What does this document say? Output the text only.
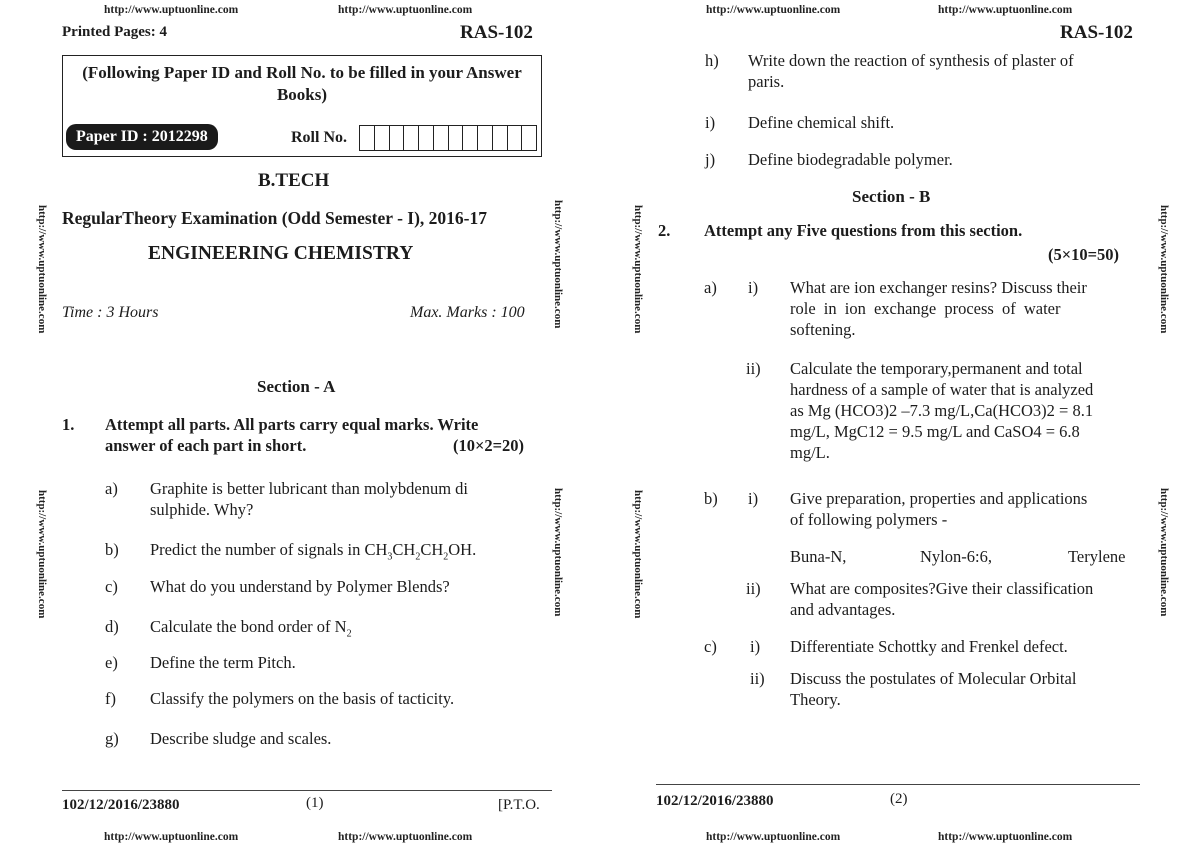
http://www.uptuonline.com	http://www.uptuonline.com
Printed Pages: 4	RAS-102
(Following Paper ID and Roll No. to be filled in your Answer Books)
Paper ID : 2012298	Roll No.
B.TECH
RegularTheory Examination (Odd Semester - I), 2016-17
ENGINEERING CHEMISTRY
Time : 3 Hours	Max. Marks : 100
Section - A
1. Attempt all parts. All parts carry equal marks. Write
answer of each part in short.	(10×2=20)
a) Graphite is better lubricant than molybdenum di
sulphide. Why?
b) Predict the number of signals in $CH_3CH_2CH_2OH$.
c) What do you understand by Polymer Blends?
d) Calculate the bond order of $N_2$
e) Define the term Pitch.
f) Classify the polymers on the basis of tacticity.
g) Describe sludge and scales.
102/12/2016/23880	(1)	[P.T.O.
http://www.uptuonline.com	http://www.uptuonline.com
http://www.uptuonline.com
http://www.uptuonline.com
http://www.uptuonline.com
http://www.uptuonline.com
http://www.uptuonline.com	http://www.uptuonline.com
RAS-102
h) Write down the reaction of synthesis of plaster of
paris.
i) Define chemical shift.
j) Define biodegradable polymer.
Section - B
2. Attempt any Five questions from this section.
(5×10=50)
a) i) What are ion exchanger resins? Discuss their
role in ion exchange process of water
softening.
ii) Calculate the temporary,permanent and total
hardness of a sample of water that is analyzed
as Mg (HCO3)2 –7.3 mg/L,Ca(HCO3)2 = 8.1
mg/L, MgC12 = 9.5 mg/L and CaSO4 = 6.8
mg/L.
b) i) Give preparation, properties and applications
of following polymers -
Buna-N,	Nylon-6:6,	Terylene
ii) What are composites?Give their classification
and advantages.
c) i) Differentiate Schottky and Frenkel defect.
ii) Discuss the postulates of Molecular Orbital
Theory.
102/12/2016/23880	(2)
http://www.uptuonline.com	http://www.uptuonline.com
http://www.uptuonline.com
http://www.uptuonline.com
http://www.uptuonline.com
http://www.uptuonline.com
